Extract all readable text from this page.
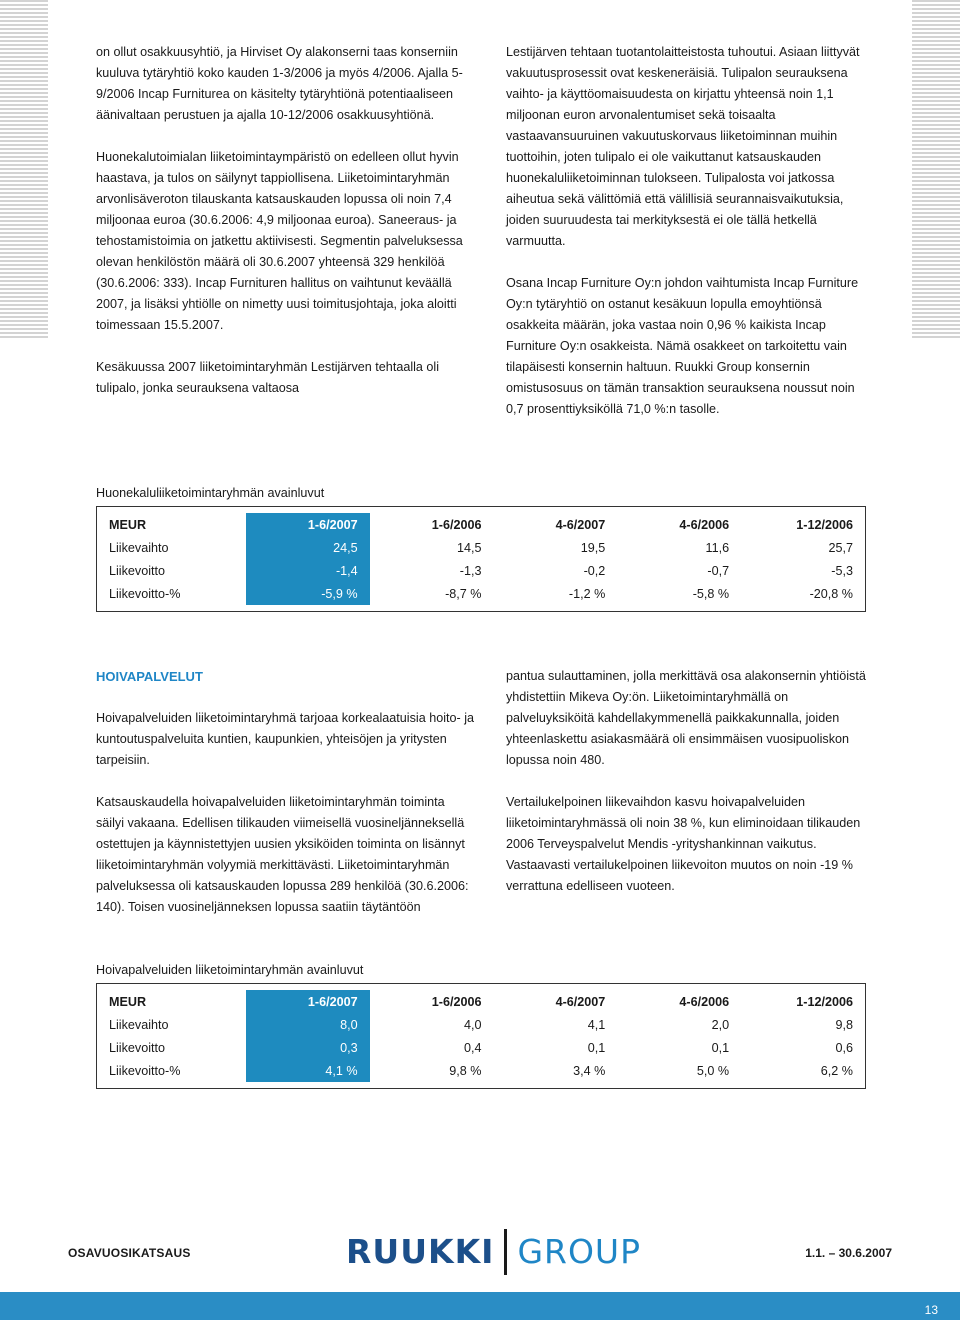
on ollut osakkuusyhtiö, ja Hirviset Oy alakonserni taas konserniin kuuluva tytäryhtiö koko kauden 1-3/2006 ja myös 4/2006. Ajalla 5-9/2006 Incap Furniturea on käsitelty tytäryhtiönä potentiaaliseen äänivaltaan perustuen ja ajalla 10-12/2006 osakkuusyhtiönä.

Huonekalutoimialan liiketoimintaympäristö on edelleen ollut hyvin haastava, ja tulos on säilynyt tappiollisena. Liiketoimintaryhmän arvonlisäveroton tilauskanta katsauskauden lopussa oli noin 7,4 miljoonaa euroa (30.6.2006: 4,9 miljoonaa euroa). Saneeraus- ja tehostamistoimia on jatkettu aktiivisesti. Segmentin palveluksessa olevan henkilöstön määrä oli 30.6.2007 yhteensä 329 henkilöä (30.6.2006: 333). Incap Furnituren hallitus on vaihtunut keväällä 2007, ja lisäksi yhtiölle on nimetty uusi toimitusjohtaja, joka aloitti toimessaan 15.5.2007.

Kesäkuussa 2007 liiketoimintaryhmän Lestijärven tehtaalla oli tulipalo, jonka seurauksena valtaosa

Lestijärven tehtaan tuotantolaitteistosta tuhoutui. Asiaan liittyvät vakuutusprosessit ovat keskeneräisiä. Tulipalon seurauksena vaihto- ja käyttöomaisuudesta on kirjattu yhteensä noin 1,1 miljoonan euron arvonalentumiset sekä toisaalta vastaavansuuruinen vakuutuskorvaus liiketoiminnan muihin tuottoihin, joten tulipalo ei ole vaikuttanut katsauskauden huonekaluliiketoiminnan tulokseen. Tulipalosta voi jatkossa aiheutua sekä välittömiä että välillisiä seurannaisvaikutuksia, joiden suuruudesta tai merkityksestä ei ole tällä hetkellä varmuutta.

Osana Incap Furniture Oy:n johdon vaihtumista Incap Furniture Oy:n tytäryhtiö on ostanut kesäkuun lopulla emoyhtiönsä osakkeita määrän, joka vastaa noin 0,96 % kaikista Incap Furniture Oy:n osakkeista. Nämä osakkeet on tarkoitettu vain tilapäisesti konsernin haltuun. Ruukki Group konsernin omistusosuus on tämän transaktion seurauksena noussut noin 0,7 prosenttiyksiköllä 71,0 %:n tasolle.

Huonekaluliiketoimintaryhmän avainluvut
MEUR	1-6/2007	1-6/2006	4-6/2007	4-6/2006	1-12/2006
Liikevaihto	24,5	14,5	19,5	11,6	25,7
Liikevoitto	-1,4	-1,3	-0,2	-0,7	-5,3
Liikevoitto-%	-5,9 %	-8,7 %	-1,2 %	-5,8 %	-20,8 %
HOIVAPALVELUT

Hoivapalveluiden liiketoimintaryhmä tarjoaa korkealaatuisia hoito- ja kuntoutuspalveluita kuntien, kaupunkien, yhteisöjen ja yritysten tarpeisiin.

Katsauskaudella hoivapalveluiden liiketoimintaryhmän toiminta säilyi vakaana. Edellisen tilikauden viimeisellä vuosineljänneksellä ostettujen ja käynnistettyjen uusien yksiköiden toiminta on lisännyt liiketoimintaryhmän volyymiä merkittävästi. Liiketoimintaryhmän palveluksessa oli katsauskauden lopussa 289 henkilöä (30.6.2006: 140). Toisen vuosineljänneksen lopussa saatiin täytäntöön

pantua sulauttaminen, jolla merkittävä osa alakonsernin yhtiöistä yhdistettiin Mikeva Oy:ön. Liiketoimintaryhmällä on palveluyksiköitä kahdellakymmenellä paikkakunnalla, joiden yhteenlaskettu asiakasmäärä oli ensimmäisen vuosipuoliskon lopussa noin 480.

Vertailukelpoinen liikevaihdon kasvu hoivapalveluiden liiketoimintaryhmässä oli noin 38 %, kun eliminoidaan tilikauden 2006 Terveyspalvelut Mendis -yrityshankinnan vaikutus. Vastaavasti vertailukelpoinen liikevoiton muutos on noin -19 % verrattuna edelliseen vuoteen.

Hoivapalveluiden liiketoimintaryhmän avainluvut
MEUR	1-6/2007	1-6/2006	4-6/2007	4-6/2006	1-12/2006
Liikevaihto	8,0	4,0	4,1	2,0	9,8
Liikevoitto	0,3	0,4	0,1	0,1	0,6
Liikevoitto-%	4,1 %	9,8 %	3,4 %	5,0 %	6,2 %
OSAVUOSIKATSAUS	RUUKKI GROUP	1.1. – 30.6.2007
13
